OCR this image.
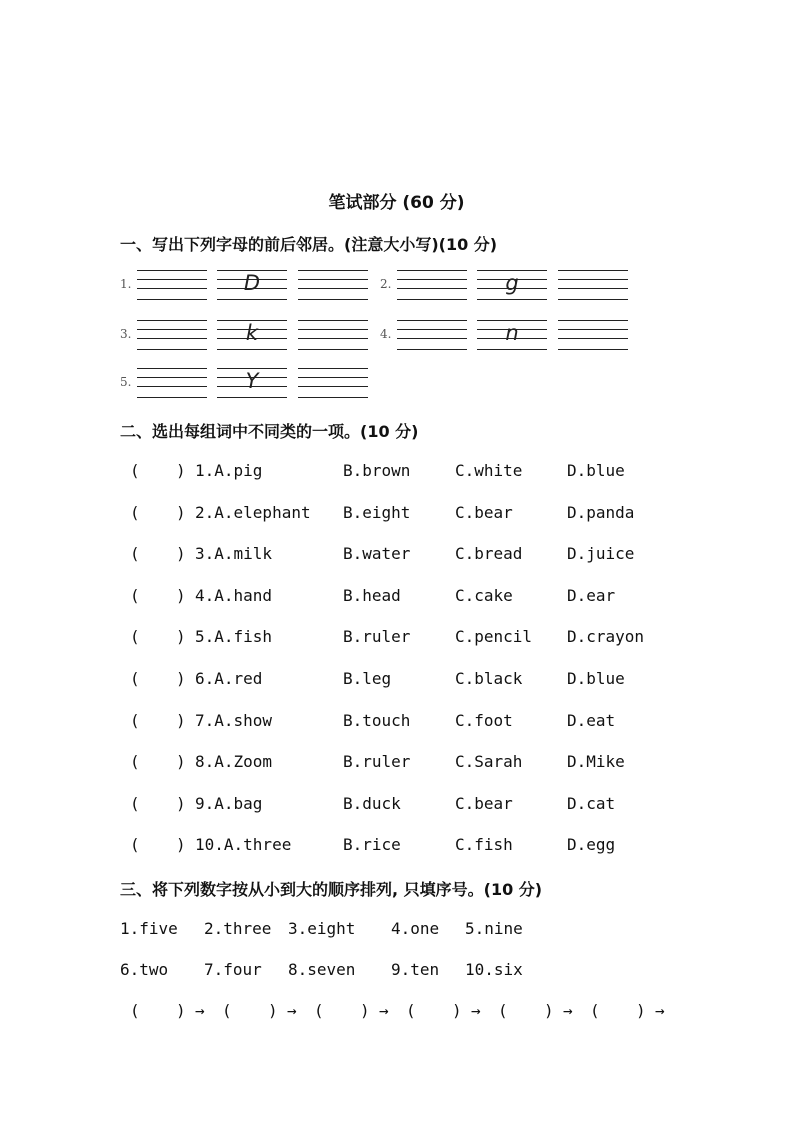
笔试部分 (60 分)
一、写出下列字母的前后邻居。(注意大小写)(10 分)
1.	D	2.	g
3.	k	4.	n
5.	Y
二、选出每组词中不同类的一项。(10 分)
( ) 1.A.pig	B.brown	C.white	D.blue
( ) 2.A.elephant B.eight	C.bear	D.panda
( ) 3.A.milk	B.water	C.bread	D.juice
( ) 4.A.hand	B.head	C.cake	D.ear
( ) 5.A.fish	B.ruler	C.pencil D.crayon
( ) 6.A.red	B.leg	C.black	D.blue
( ) 7.A.show	B.touch	C.foot	D.eat
( ) 8.A.Zoom	B.ruler	C.Sarah	D.Mike
( ) 9.A.bag	B.duck	C.bear	D.cat
( ) 10.A.three	B.rice	C.fish	D.egg
三、将下列数字按从小到大的顺序排列, 只填序号。(10 分)
1.five 2.three 3.eight 4.one 5.nine
6.two 7.four 8.seven 9.ten 10.six
( ) → ( ) → ( ) → ( ) → ( ) → ( ) →
